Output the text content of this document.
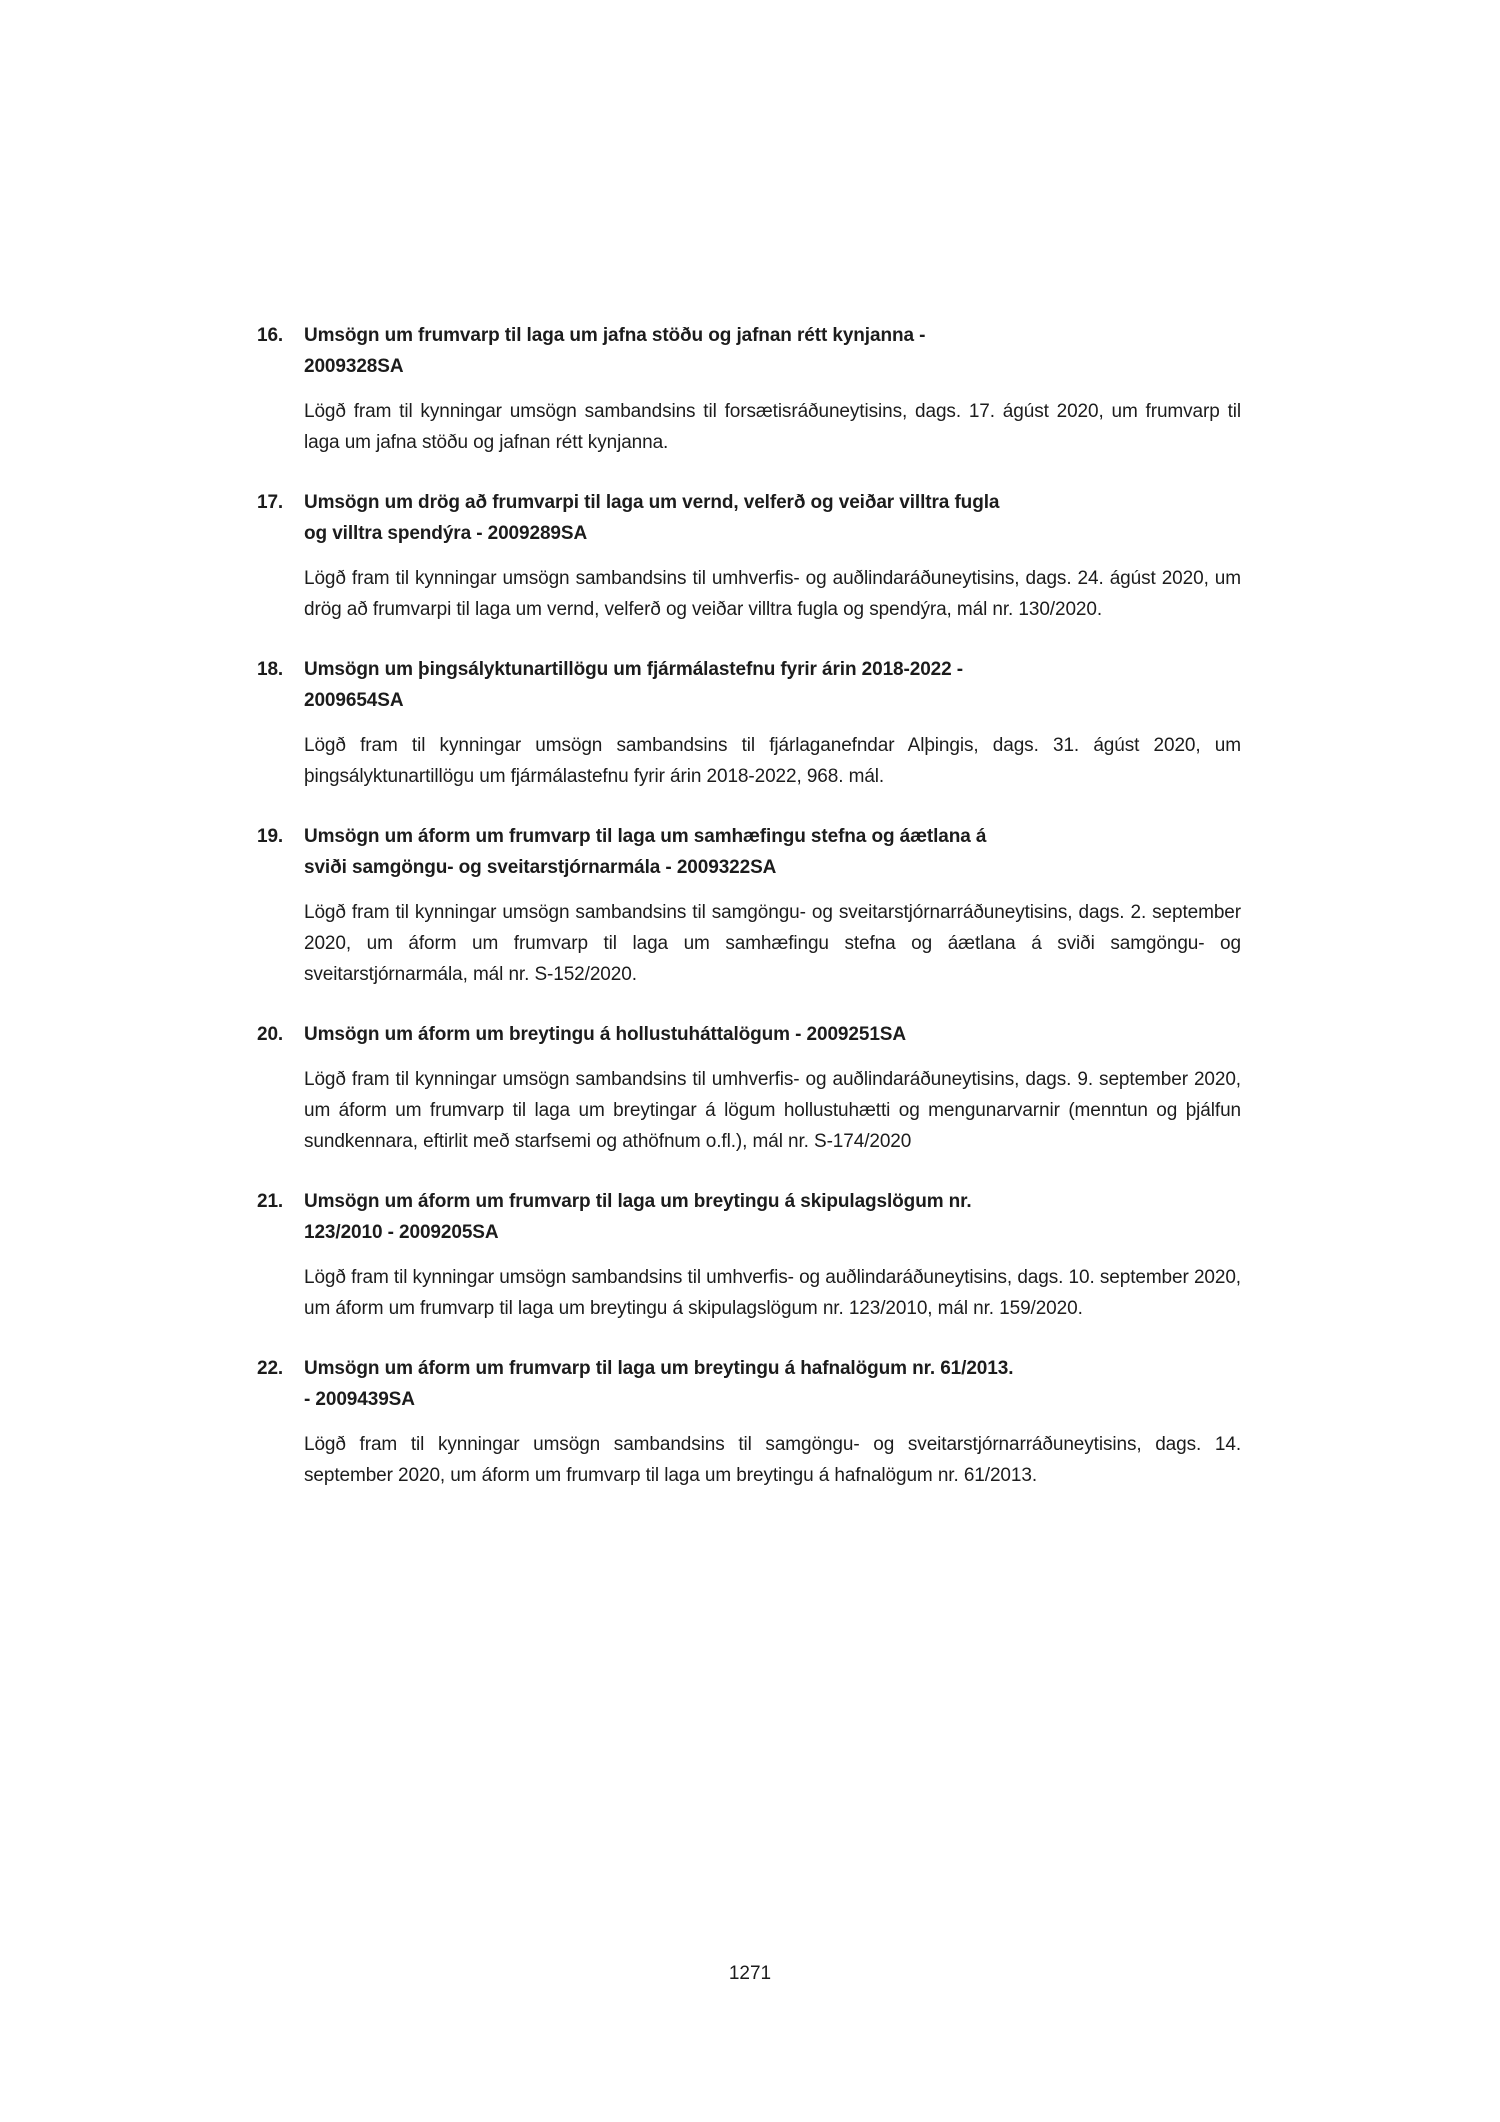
16.	Umsögn um frumvarp til laga um jafna stöðu og jafnan rétt kynjanna -
2009328SA

Lögð fram til kynningar umsögn sambandsins til forsætisráðuneytisins, dags. 17. ágúst 2020, um frumvarp til laga um jafna stöðu og jafnan rétt kynjanna.

17.	Umsögn um drög að frumvarpi til laga um vernd, velferð og veiðar villtra fugla
og villtra spendýra - 2009289SA

Lögð fram til kynningar umsögn sambandsins til umhverfis- og auðlindaráðuneytisins, dags. 24. ágúst 2020, um drög að frumvarpi til laga um vernd, velferð og veiðar villtra fugla og spendýra, mál nr. 130/2020.

18.	Umsögn um þingsályktunartillögu um fjármálastefnu fyrir árin 2018-2022 -
2009654SA

Lögð fram til kynningar umsögn sambandsins til fjárlaganefndar Alþingis, dags. 31. ágúst 2020, um þingsályktunartillögu um fjármálastefnu fyrir árin 2018-2022, 968. mál.

19.	Umsögn um áform um frumvarp til laga um samhæfingu stefna og áætlana á
sviði samgöngu- og sveitarstjórnarmála - 2009322SA

Lögð fram til kynningar umsögn sambandsins til samgöngu- og sveitarstjórnarráðuneytisins, dags. 2. september 2020, um áform um frumvarp til laga um samhæfingu stefna og áætlana á sviði samgöngu- og sveitarstjórnarmála, mál nr. S-152/2020.

20.	Umsögn um áform um breytingu á hollustuháttalögum - 2009251SA

Lögð fram til kynningar umsögn sambandsins til umhverfis- og auðlindaráðuneytisins, dags. 9. september 2020, um áform um frumvarp til laga um breytingar á lögum hollustuhætti og mengunarvarnir (menntun og þjálfun sundkennara, eftirlit með starfsemi og athöfnum o.fl.), mál nr. S-174/2020

21.	Umsögn um áform um frumvarp til laga um breytingu á skipulagslögum nr.
123/2010 - 2009205SA

Lögð fram til kynningar umsögn sambandsins til umhverfis- og auðlindaráðuneytisins, dags. 10. september 2020, um áform um frumvarp til laga um breytingu á skipulagslögum nr. 123/2010, mál nr. 159/2020.

22.	Umsögn um áform um frumvarp til laga um breytingu á hafnalögum nr. 61/2013.
- 2009439SA

Lögð fram til kynningar umsögn sambandsins til samgöngu- og sveitarstjórnarráðuneytisins, dags. 14. september 2020, um áform um frumvarp til laga um breytingu á hafnalögum nr. 61/2013.

1271
